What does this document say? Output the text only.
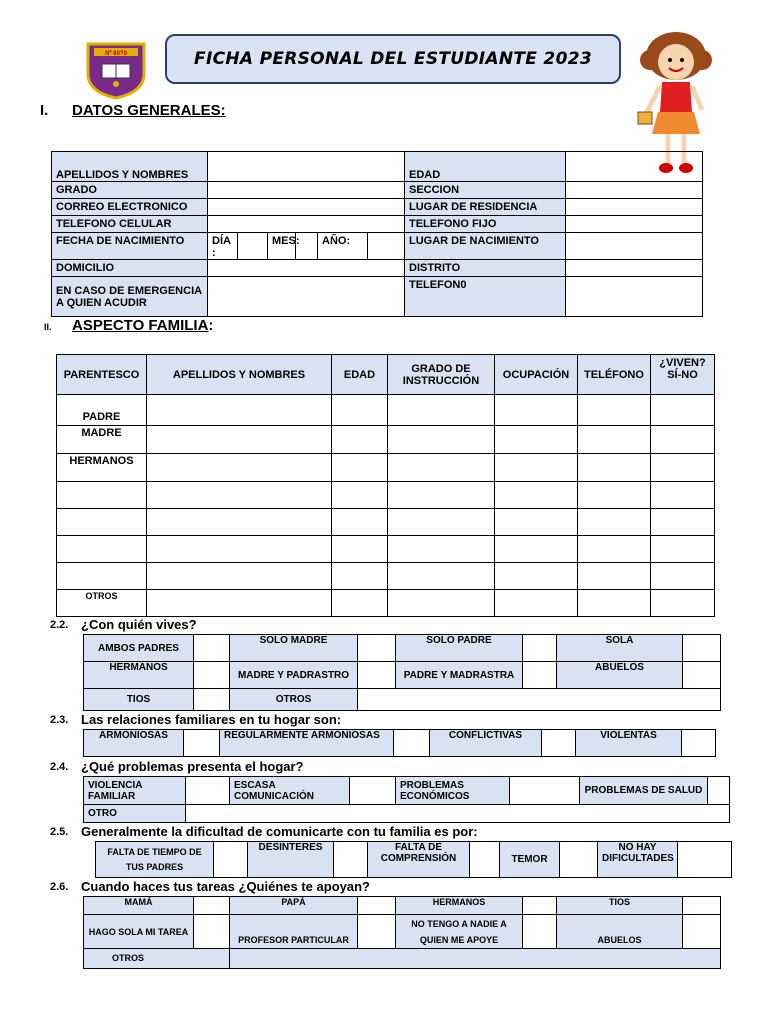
Nº 80?0	FICHA PERSONAL DEL ESTUDIANTE 2023
I. DATOS GENERALES:
APELLIDOS Y NOMBRES							EDAD	
GRADO							SECCION	
CORREO ELECTRONICO							LUGAR DE RESIDENCIA	
TELEFONO CELULAR							TELEFONO FIJO	
FECHA DE NACIMIENTO	DÍA :		MES:		AÑO:		LUGAR DE NACIMIENTO	
DOMICILIO							DISTRITO	
EN CASO DE EMERGENCIA A QUIEN ACUDIR							TELEFON0	
II. ASPECTO FAMILIA:
PARENTESCO	APELLIDOS Y NOMBRES	EDAD	GRADO DE INSTRUCCIÓN	OCUPACIÓN	TELÉFONO	¿VIVEN? SÍ-NO
PADRE						
MADRE						
HERMANOS						

OTROS						
2.2. ¿Con quién vives?
AMBOS PADRES		SOLO MADRE		SOLO PADRE		SOLA	
HERMANOS		MADRE Y PADRASTRO		PADRE Y MADRASTRA		ABUELOS	
TIOS		OTROS					
2.3. Las relaciones familiares en tu hogar son:
ARMONIOSAS		REGULARMENTE ARMONIOSAS		CONFLICTIVAS		VIOLENTAS	
2.4. ¿Qué problemas presenta el hogar?
VIOLENCIA FAMILIAR		ESCASA COMUNICACIÓN		PROBLEMAS ECONÓMICOS		PROBLEMAS DE SALUD	
OTRO							
2.5. Generalmente la dificultad de comunicarte con tu familia es por:
FALTA DE TIEMPO DE TUS PADRES		DESINTERES		FALTA DE COMPRENSIÓN		TEMOR		NO HAY DIFICULTADES	
2.6. Cuando haces tus tareas ¿Quiénes te apoyan?
MAMÁ		PAPÁ		HERMANOS		TIOS	
HAGO SOLA MI TAREA		PROFESOR PARTICULAR		NO TENGO A NADIE A QUIEN ME APOYE		ABUELOS	
OTROS							
